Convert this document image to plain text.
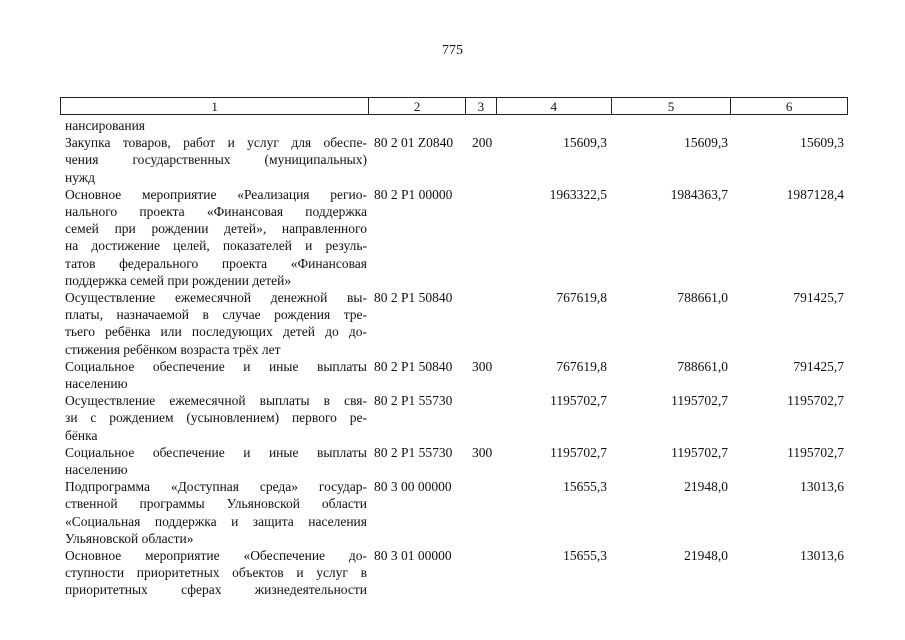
775
1	2	3	4	5	6
нансирования
Закупка товаров, работ и услуг для обеспе-
чения государственных (муниципальных)
нужд
80 2 01 Z0840 200	15609,3	15609,3	15609,3
Основное мероприятие «Реализация регио-
нального проекта «Финансовая поддержка
семей при рождении детей», направленного
на достижение целей, показателей и резуль-
татов федерального проекта «Финансовая
поддержка семей при рождении детей»
80 2 P1 00000	1963322,5	1984363,7	1987128,4
Осуществление ежемесячной денежной вы-
платы, назначаемой в случае рождения тре-
тьего ребёнка или последующих детей до до-
стижения ребёнком возраста трёх лет
80 2 P1 50840	767619,8	788661,0	791425,7
Социальное обеспечение и иные выплаты
населению
80 2 P1 50840 300	767619,8	788661,0	791425,7
Осуществление ежемесячной выплаты в свя-
зи с рождением (усыновлением) первого ре-
бёнка
80 2 P1 55730	1195702,7	1195702,7	1195702,7
Социальное обеспечение и иные выплаты
населению
80 2 P1 55730 300	1195702,7	1195702,7	1195702,7
Подпрограмма «Доступная среда» государ-
ственной программы Ульяновской области
«Социальная поддержка и защита населения
Ульяновской области»
80 3 00 00000	15655,3	21948,0	13013,6
Основное мероприятие «Обеспечение до-
ступности приоритетных объектов и услуг в
приоритетных сферах жизнедеятельности
80 3 01 00000	15655,3	21948,0	13013,6
